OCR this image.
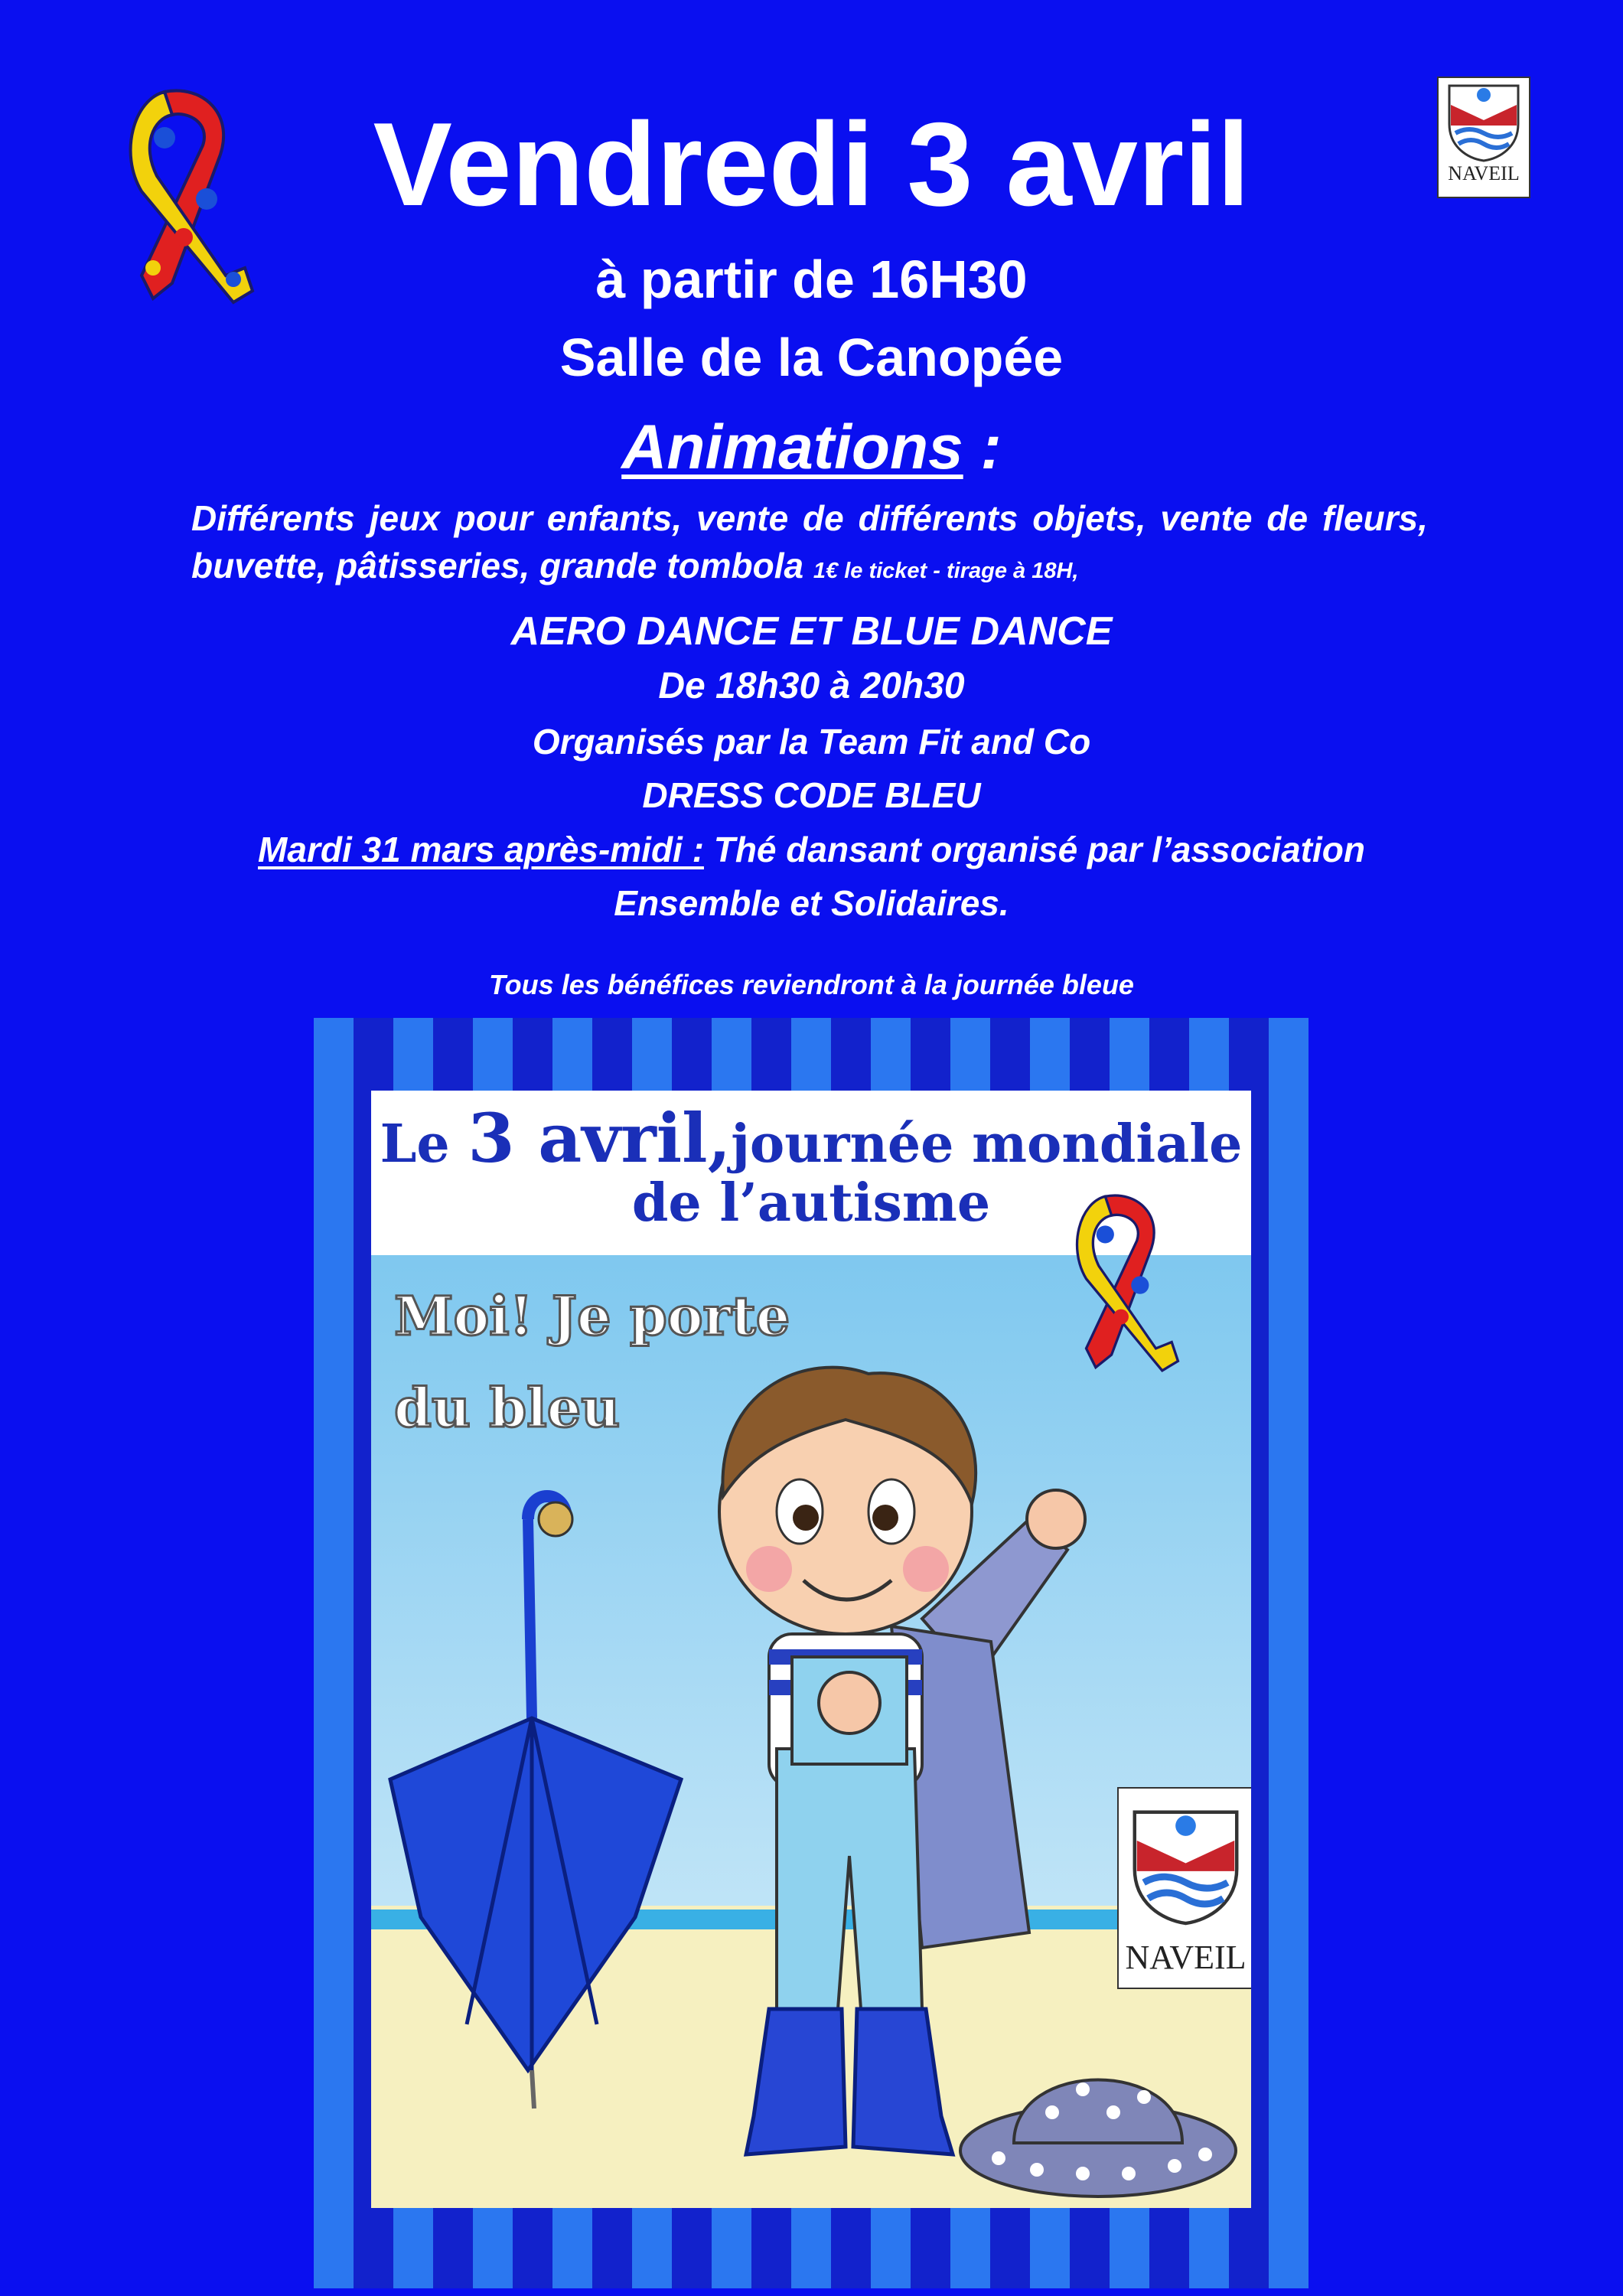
NAVEIL
Vendredi 3 avril
à partir de 16H30
Salle de la Canopée
Animations :
Différents jeux pour enfants, vente de différents objets, vente de fleurs, buvette, pâtisseries, grande tombola 1€ le ticket - tirage à 18H,
AERO DANCE ET BLUE DANCE
De 18h30 à 20h30
Organisés par la Team Fit and Co
DRESS CODE BLEU
Mardi 31 mars après-midi : Thé dansant organisé par l’association
Ensemble et Solidaires.
Tous les bénéfices reviendront à la journée bleue
Le 3 avril,journée mondiale
de l’autisme
Moi! Je porte
du bleu
NAVEIL
